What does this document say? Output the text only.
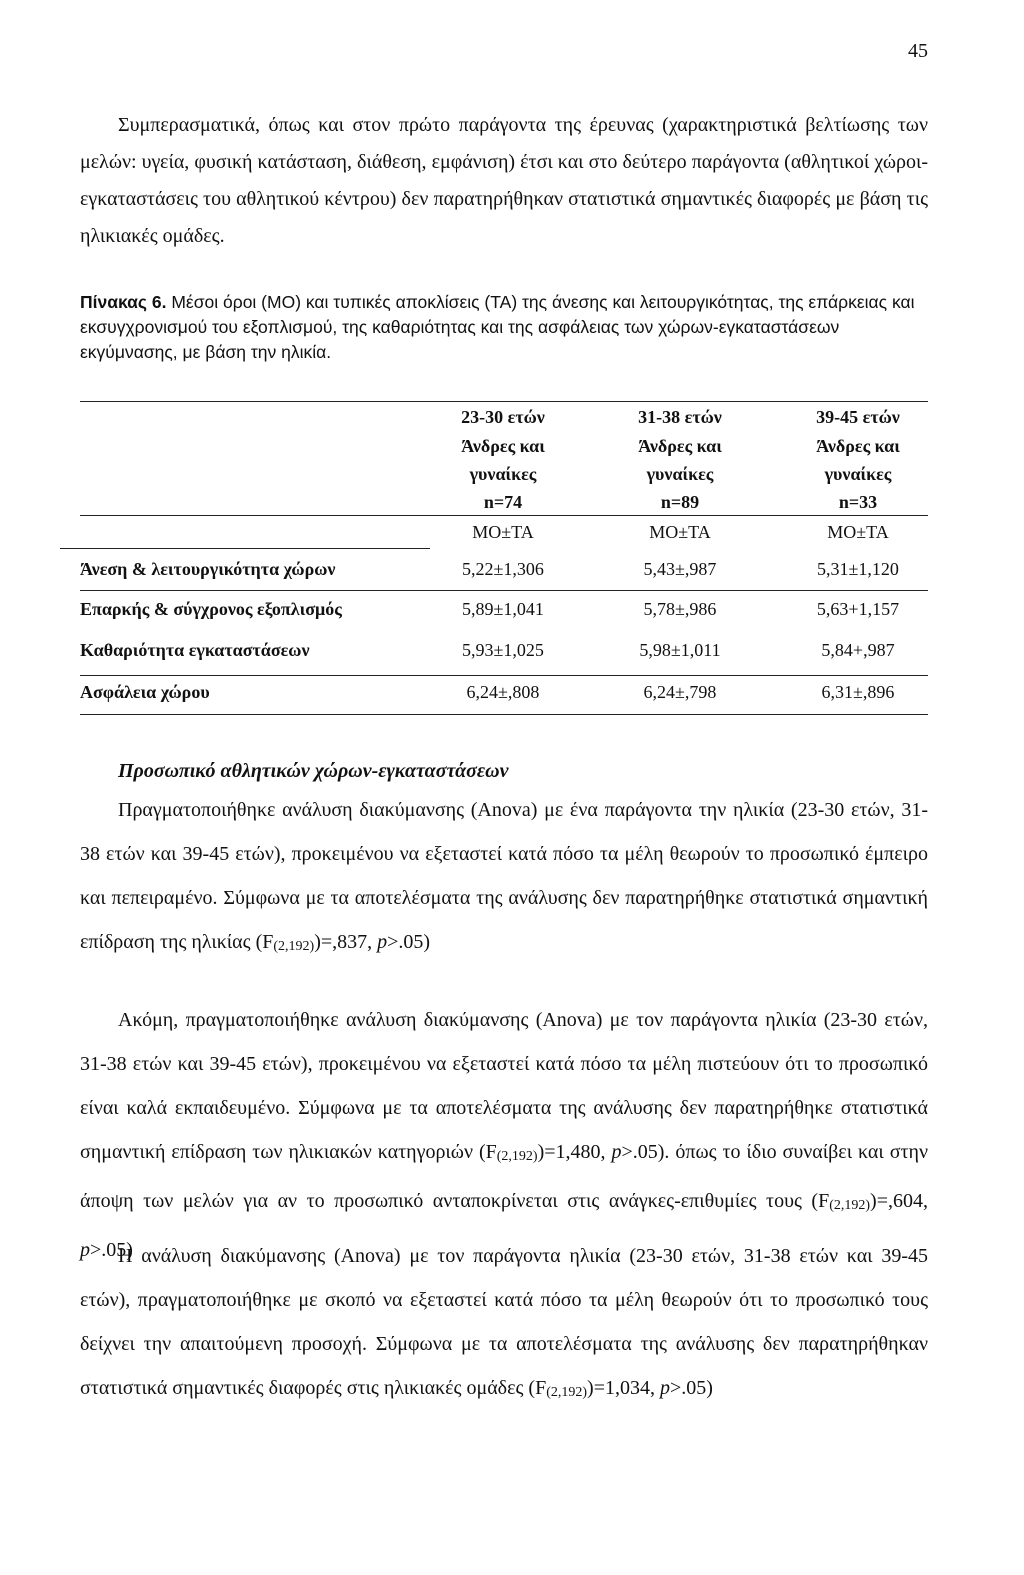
45

Συμπερασματικά, όπως και στον πρώτο παράγοντα της έρευνας (χαρακτηριστικά βελτίωσης των μελών: υγεία, φυσική κατάσταση, διάθεση, εμφάνιση) έτσι και στο δεύτερο παράγοντα (αθλητικοί χώροι-εγκαταστάσεις του αθλητικού κέντρου) δεν παρατηρήθηκαν στατιστικά σημαντικές διαφορές με βάση τις ηλικιακές ομάδες.

Πίνακας 6. Μέσοι όροι (ΜΟ) και τυπικές αποκλίσεις (ΤΑ) της άνεσης και λειτουργικότητας, της επάρκειας και εκσυγχρονισμού του εξοπλισμού, της καθαριότητας και της ασφάλειας των χώρων-εγκαταστάσεων εκγύμνασης, με βάση την ηλικία.

23-30 ετών	31-38 ετών	39-45 ετών
Άνδρες και	Άνδρες και	Άνδρες και
γυναίκες	γυναίκες	γυναίκες
n=74	n=89	n=33
ΜΟ±ΤΑ	ΜΟ±ΤΑ	ΜΟ±ΤΑ
Άνεση & λειτουργικότητα χώρων	5,22±1,306	5,43±,987	5,31±1,120
Επαρκής & σύγχρονος εξοπλισμός	5,89±1,041	5,78±,986	5,63+1,157
Καθαριότητα εγκαταστάσεων	5,93±1,025	5,98±1,011	5,84+,987
Ασφάλεια χώρου	6,24±,808	6,24±,798	6,31±,896

Προσωπικό αθλητικών χώρων-εγκαταστάσεων

Πραγματοποιήθηκε ανάλυση διακύμανσης (Anova) με ένα παράγοντα την ηλικία (23-30 ετών, 31-38 ετών και 39-45 ετών), προκειμένου να εξεταστεί κατά πόσο τα μέλη θεωρούν το προσωπικό έμπειρο και πεπειραμένο. Σύμφωνα με τα αποτελέσματα της ανάλυσης δεν παρατηρήθηκε στατιστικά σημαντική επίδραση της ηλικίας $(F_{(2,192)})=,837$, p>.05)

Ακόμη, πραγματοποιήθηκε ανάλυση διακύμανσης (Anova) με τον παράγοντα ηλικία (23-30 ετών, 31-38 ετών και 39-45 ετών), προκειμένου να εξεταστεί κατά πόσο τα μέλη πιστεύουν ότι το προσωπικό είναι καλά εκπαιδευμένο. Σύμφωνα με τα αποτελέσματα της ανάλυσης δεν παρατηρήθηκε στατιστικά σημαντική επίδραση των ηλικιακών κατηγοριών $(F_{(2,192)})=1,480$, p>.05). όπως το ίδιο συναίβει και στην άποψη των μελών για αν το προσωπικό ανταποκρίνεται στις ανάγκες-επιθυμίες τους $(F_{(2,192)})=,604$, p>.05)

Η ανάλυση διακύμανσης (Anova) με τον παράγοντα ηλικία (23-30 ετών, 31-38 ετών και 39-45 ετών), πραγματοποιήθηκε με σκοπό να εξεταστεί κατά πόσο τα μέλη θεωρούν ότι το προσωπικό τους δείχνει την απαιτούμενη προσοχή. Σύμφωνα με τα αποτελέσματα της ανάλυσης δεν παρατηρήθηκαν στατιστικά σημαντικές διαφορές στις ηλικιακές ομάδες $(F_{(2,192)})=1,034$, p>.05)
